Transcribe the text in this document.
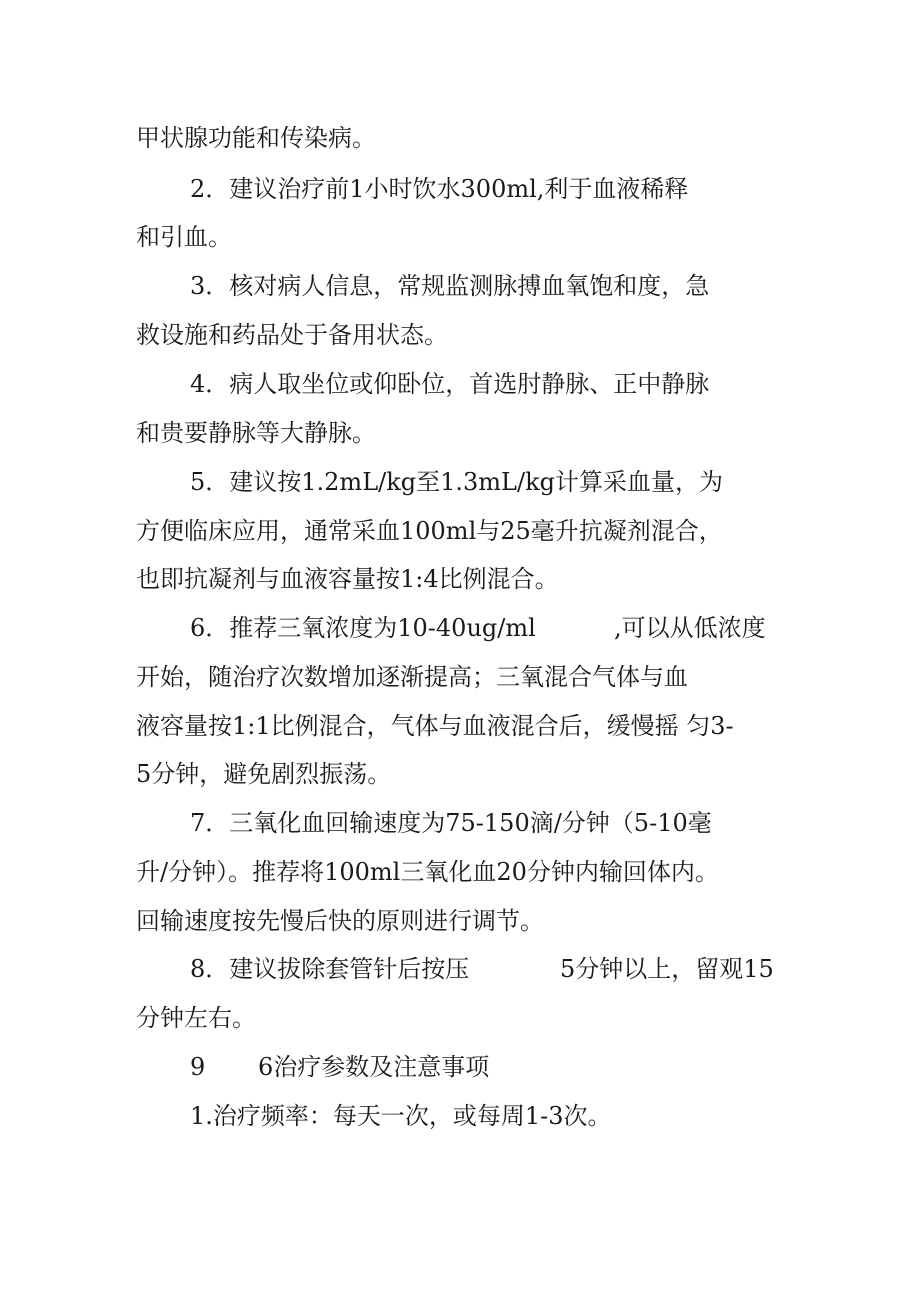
甲状腺功能和传染病。
2．建议治疗前1小时饮水300ml,利于血液稀释
和引血。
3．核对病人信息，常规监测脉搏血氧饱和度，急
救设施和药品处于备用状态。
4．病人取坐位或仰卧位，首选肘静脉、正中静脉
和贵要静脉等大静脉。
5．建议按1.2mL/kg至1.3mL/kg计算采血量，为
方便临床应用，通常采血100ml与25毫升抗凝剂混合，
也即抗凝剂与血液容量按1:4比例混合。
6．推荐三氧浓度为10-40ug/ml	,可以从低浓度
开始，随治疗次数增加逐渐提高；三氧混合气体与血
液容量按1:1比例混合，气体与血液混合后，缓慢摇 匀3-
5分钟，避免剧烈振荡。
7．三氧化血回输速度为75-150滴/分钟（5-10毫
升/分钟）。推荐将100ml三氧化血20分钟内输回体内。
回输速度按先慢后快的原则进行调节。
8．建议拔除套管针后按压	5分钟以上，留观15
分钟左右。
9 6治疗参数及注意事项
1.治疗频率：每天一次，或每周1-3次。
